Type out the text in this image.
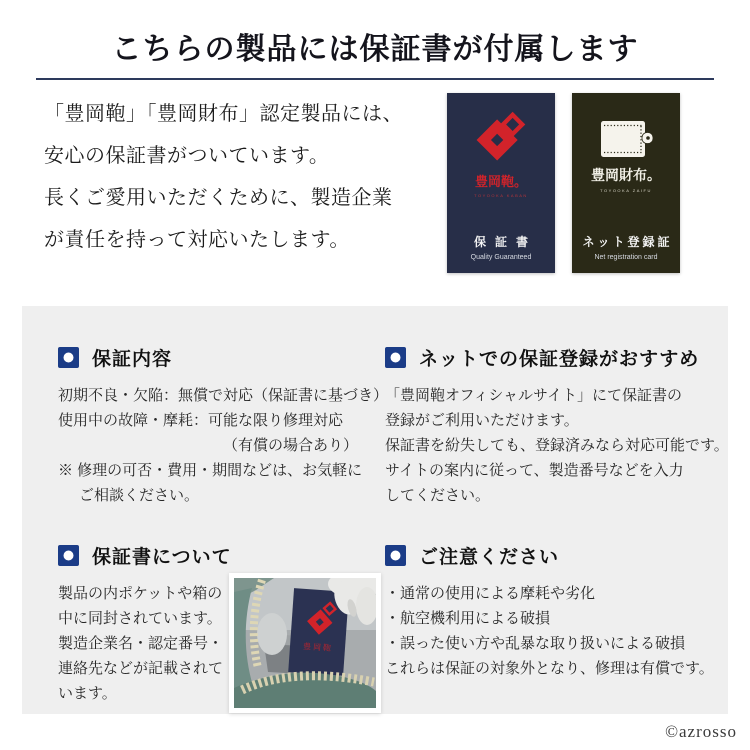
こちらの製品には保証書が付属します

「豊岡鞄」「豊岡財布」認定製品には、

安心の保証書がついています。

長くご愛用いただくために、製造企業

が責任を持って対応いたします。

豊岡鞄。
TOYOOKA KABAN
保証書
Quality Guaranteed
豊岡財布。
TOYOOKA ZAIFU
ネット登録証
Net registration card
保証内容

初期不良・欠陥：無償で対応（保証書に基づき）

使用中の故障・摩耗：可能な限り修理対応

（有償の場合あり）

※ 修理の可否・費用・期間などは、お気軽に

ご相談ください。

ネットでの保証登録がおすすめ

「豊岡鞄オフィシャルサイト」にて保証書の

登録がご利用いただけます。

保証書を紛失しても、登録済みなら対応可能です。

サイトの案内に従って、製造番号などを入力

してください。

保証書について

製品の内ポケットや箱の

中に同封されています。

製造企業名・認定番号・

連絡先などが記載されて

います。

豊岡鞄
ご注意ください

・通常の使用による摩耗や劣化

・航空機利用による破損

・誤った使い方や乱暴な取り扱いによる破損

これらは保証の対象外となり、修理は有償です。

©azrosso
